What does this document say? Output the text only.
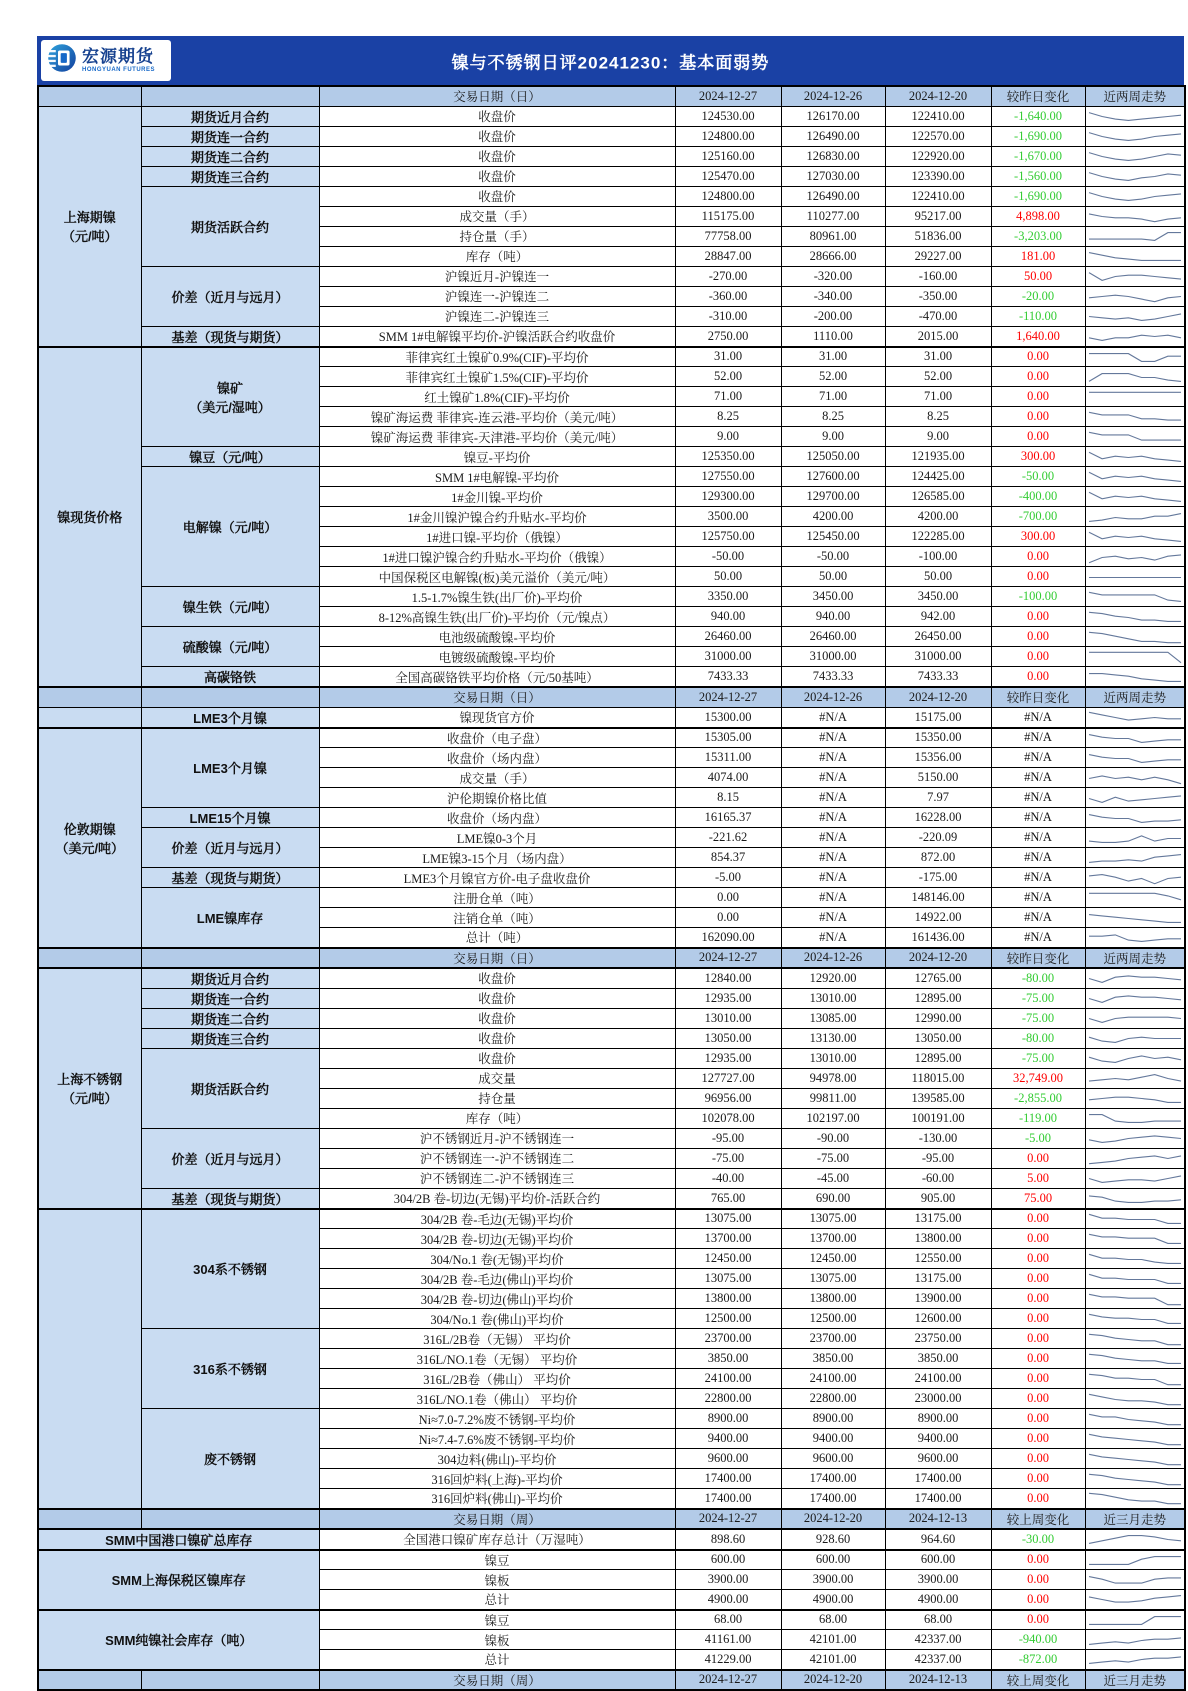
宏源期货
HONGYUAN FUTURES	镍与不锈钢日评20241230：基本面弱势
		交易日期（日）	2024-12-27	2024-12-26	2024-12-20	较昨日变化	近两周走势
上海期镍
（元/吨）	期货近月合约	收盘价	124530.00	126170.00	122410.00	-1,640.00	

	期货连一合约	收盘价	124800.00	126490.00	122570.00	-1,690.00	

	期货连二合约	收盘价	125160.00	126830.00	122920.00	-1,670.00	

	期货连三合约	收盘价	125470.00	127030.00	123390.00	-1,560.00	

	期货活跃合约	收盘价	124800.00	126490.00	122410.00	-1,690.00	

		成交量（手）	115175.00	110277.00	95217.00	4,898.00	

		持仓量（手）	77758.00	80961.00	51836.00	-3,203.00	

		库存（吨）	28847.00	28666.00	29227.00	181.00	

	价差（近月与远月）	沪镍近月-沪镍连一	-270.00	-320.00	-160.00	50.00	

		沪镍连一-沪镍连二	-360.00	-340.00	-350.00	-20.00	

		沪镍连二-沪镍连三	-310.00	-200.00	-470.00	-110.00	

	基差（现货与期货）	SMM 1#电解镍平均价-沪镍活跃合约收盘价	2750.00	1110.00	2015.00	1,640.00	

镍现货价格	镍矿
（美元/湿吨）	菲律宾红土镍矿0.9%(CIF)-平均价	31.00	31.00	31.00	0.00	

		菲律宾红土镍矿1.5%(CIF)-平均价	52.00	52.00	52.00	0.00	

		红土镍矿1.8%(CIF)-平均价	71.00	71.00	71.00	0.00	

		镍矿海运费 菲律宾-连云港-平均价（美元/吨）	8.25	8.25	8.25	0.00	

		镍矿海运费 菲律宾-天津港-平均价（美元/吨）	9.00	9.00	9.00	0.00	

	镍豆（元/吨）	镍豆-平均价	125350.00	125050.00	121935.00	300.00	

	电解镍（元/吨）	SMM 1#电解镍-平均价	127550.00	127600.00	124425.00	-50.00	

		1#金川镍-平均价	129300.00	129700.00	126585.00	-400.00	

		1#金川镍沪镍合约升贴水-平均价	3500.00	4200.00	4200.00	-700.00	

		1#进口镍-平均价（俄镍）	125750.00	125450.00	122285.00	300.00	

		1#进口镍沪镍合约升贴水-平均价（俄镍）	-50.00	-50.00	-100.00	0.00	

		中国保税区电解镍(板)美元溢价（美元/吨）	50.00	50.00	50.00	0.00	

	镍生铁（元/吨）	1.5-1.7%镍生铁(出厂价)-平均价	3350.00	3450.00	3450.00	-100.00	

		8-12%高镍生铁(出厂价)-平均价（元/镍点）	940.00	940.00	942.00	0.00	

	硫酸镍（元/吨）	电池级硫酸镍-平均价	26460.00	26460.00	26450.00	0.00	

		电镀级硫酸镍-平均价	31000.00	31000.00	31000.00	0.00	

	高碳铬铁	全国高碳铬铁平均价格（元/50基吨）	7433.33	7433.33	7433.33	0.00	

		交易日期（日）	2024-12-27	2024-12-26	2024-12-20	较昨日变化	近两周走势
	LME3个月镍	镍现货官方价	15300.00	#N/A	15175.00	#N/A	

伦敦期镍
（美元/吨）	LME3个月镍	收盘价（电子盘）	15305.00	#N/A	15350.00	#N/A	

		收盘价（场内盘）	15311.00	#N/A	15356.00	#N/A	

		成交量（手）	4074.00	#N/A	5150.00	#N/A	

		沪伦期镍价格比值	8.15	#N/A	7.97	#N/A	

	LME15个月镍	收盘价（场内盘）	16165.37	#N/A	16228.00	#N/A	

	价差（近月与远月）	LME镍0-3个月	-221.62	#N/A	-220.09	#N/A	

		LME镍3-15个月（场内盘）	854.37	#N/A	872.00	#N/A	

	基差（现货与期货）	LME3个月镍官方价-电子盘收盘价	-5.00	#N/A	-175.00	#N/A	

	LME镍库存	注册仓单（吨）	0.00	#N/A	148146.00	#N/A	

		注销仓单（吨）	0.00	#N/A	14922.00	#N/A	

		总计（吨）	162090.00	#N/A	161436.00	#N/A	

		交易日期（日）	2024-12-27	2024-12-26	2024-12-20	较昨日变化	近两周走势
上海不锈钢
（元/吨）	期货近月合约	收盘价	12840.00	12920.00	12765.00	-80.00	

	期货连一合约	收盘价	12935.00	13010.00	12895.00	-75.00	

	期货连二合约	收盘价	13010.00	13085.00	12990.00	-75.00	

	期货连三合约	收盘价	13050.00	13130.00	13050.00	-80.00	

	期货活跃合约	收盘价	12935.00	13010.00	12895.00	-75.00	

		成交量	127727.00	94978.00	118015.00	32,749.00	

		持仓量	96956.00	99811.00	139585.00	-2,855.00	

		库存（吨）	102078.00	102197.00	100191.00	-119.00	

	价差（近月与远月）	沪不锈钢近月-沪不锈钢连一	-95.00	-90.00	-130.00	-5.00	

		沪不锈钢连一-沪不锈钢连二	-75.00	-75.00	-95.00	0.00	

		沪不锈钢连二-沪不锈钢连三	-40.00	-45.00	-60.00	5.00	

	基差（现货与期货）	304/2B 卷-切边(无锡)平均价-活跃合约	765.00	690.00	905.00	75.00	

	304系不锈钢	304/2B 卷-毛边(无锡)平均价	13075.00	13075.00	13175.00	0.00	

		304/2B 卷-切边(无锡)平均价	13700.00	13700.00	13800.00	0.00	

		304/No.1 卷(无锡)平均价	12450.00	12450.00	12550.00	0.00	

		304/2B 卷-毛边(佛山)平均价	13075.00	13075.00	13175.00	0.00	

		304/2B 卷-切边(佛山)平均价	13800.00	13800.00	13900.00	0.00	

		304/No.1 卷(佛山)平均价	12500.00	12500.00	12600.00	0.00	

	316系不锈钢	316L/2B卷（无锡） 平均价	23700.00	23700.00	23750.00	0.00	

		316L/NO.1卷（无锡） 平均价	3850.00	3850.00	3850.00	0.00	

		316L/2B卷（佛山） 平均价	24100.00	24100.00	24100.00	0.00	

		316L/NO.1卷（佛山） 平均价	22800.00	22800.00	23000.00	0.00	

	废不锈钢	Ni≈7.0-7.2%废不锈钢-平均价	8900.00	8900.00	8900.00	0.00	

		Ni≈7.4-7.6%废不锈钢-平均价	9400.00	9400.00	9400.00	0.00	

		304边料(佛山)-平均价	9600.00	9600.00	9600.00	0.00	

		316回炉料(上海)-平均价	17400.00	17400.00	17400.00	0.00	

		316回炉料(佛山)-平均价	17400.00	17400.00	17400.00	0.00	

		交易日期（周）	2024-12-27	2024-12-20	2024-12-13	较上周变化	近三月走势
SMM中国港口镍矿总库存		全国港口镍矿库存总计（万湿吨）	898.60	928.60	964.60	-30.00	

SMM上海保税区镍库存		镍豆	600.00	600.00	600.00	0.00	

		镍板	3900.00	3900.00	3900.00	0.00	

		总计	4900.00	4900.00	4900.00	0.00	

SMM纯镍社会库存（吨）		镍豆	68.00	68.00	68.00	0.00	

		镍板	41161.00	42101.00	42337.00	-940.00	

		总计	41229.00	42101.00	42337.00	-872.00	

		交易日期（周）	2024-12-27	2024-12-20	2024-12-13	较上周变化	近三月走势
